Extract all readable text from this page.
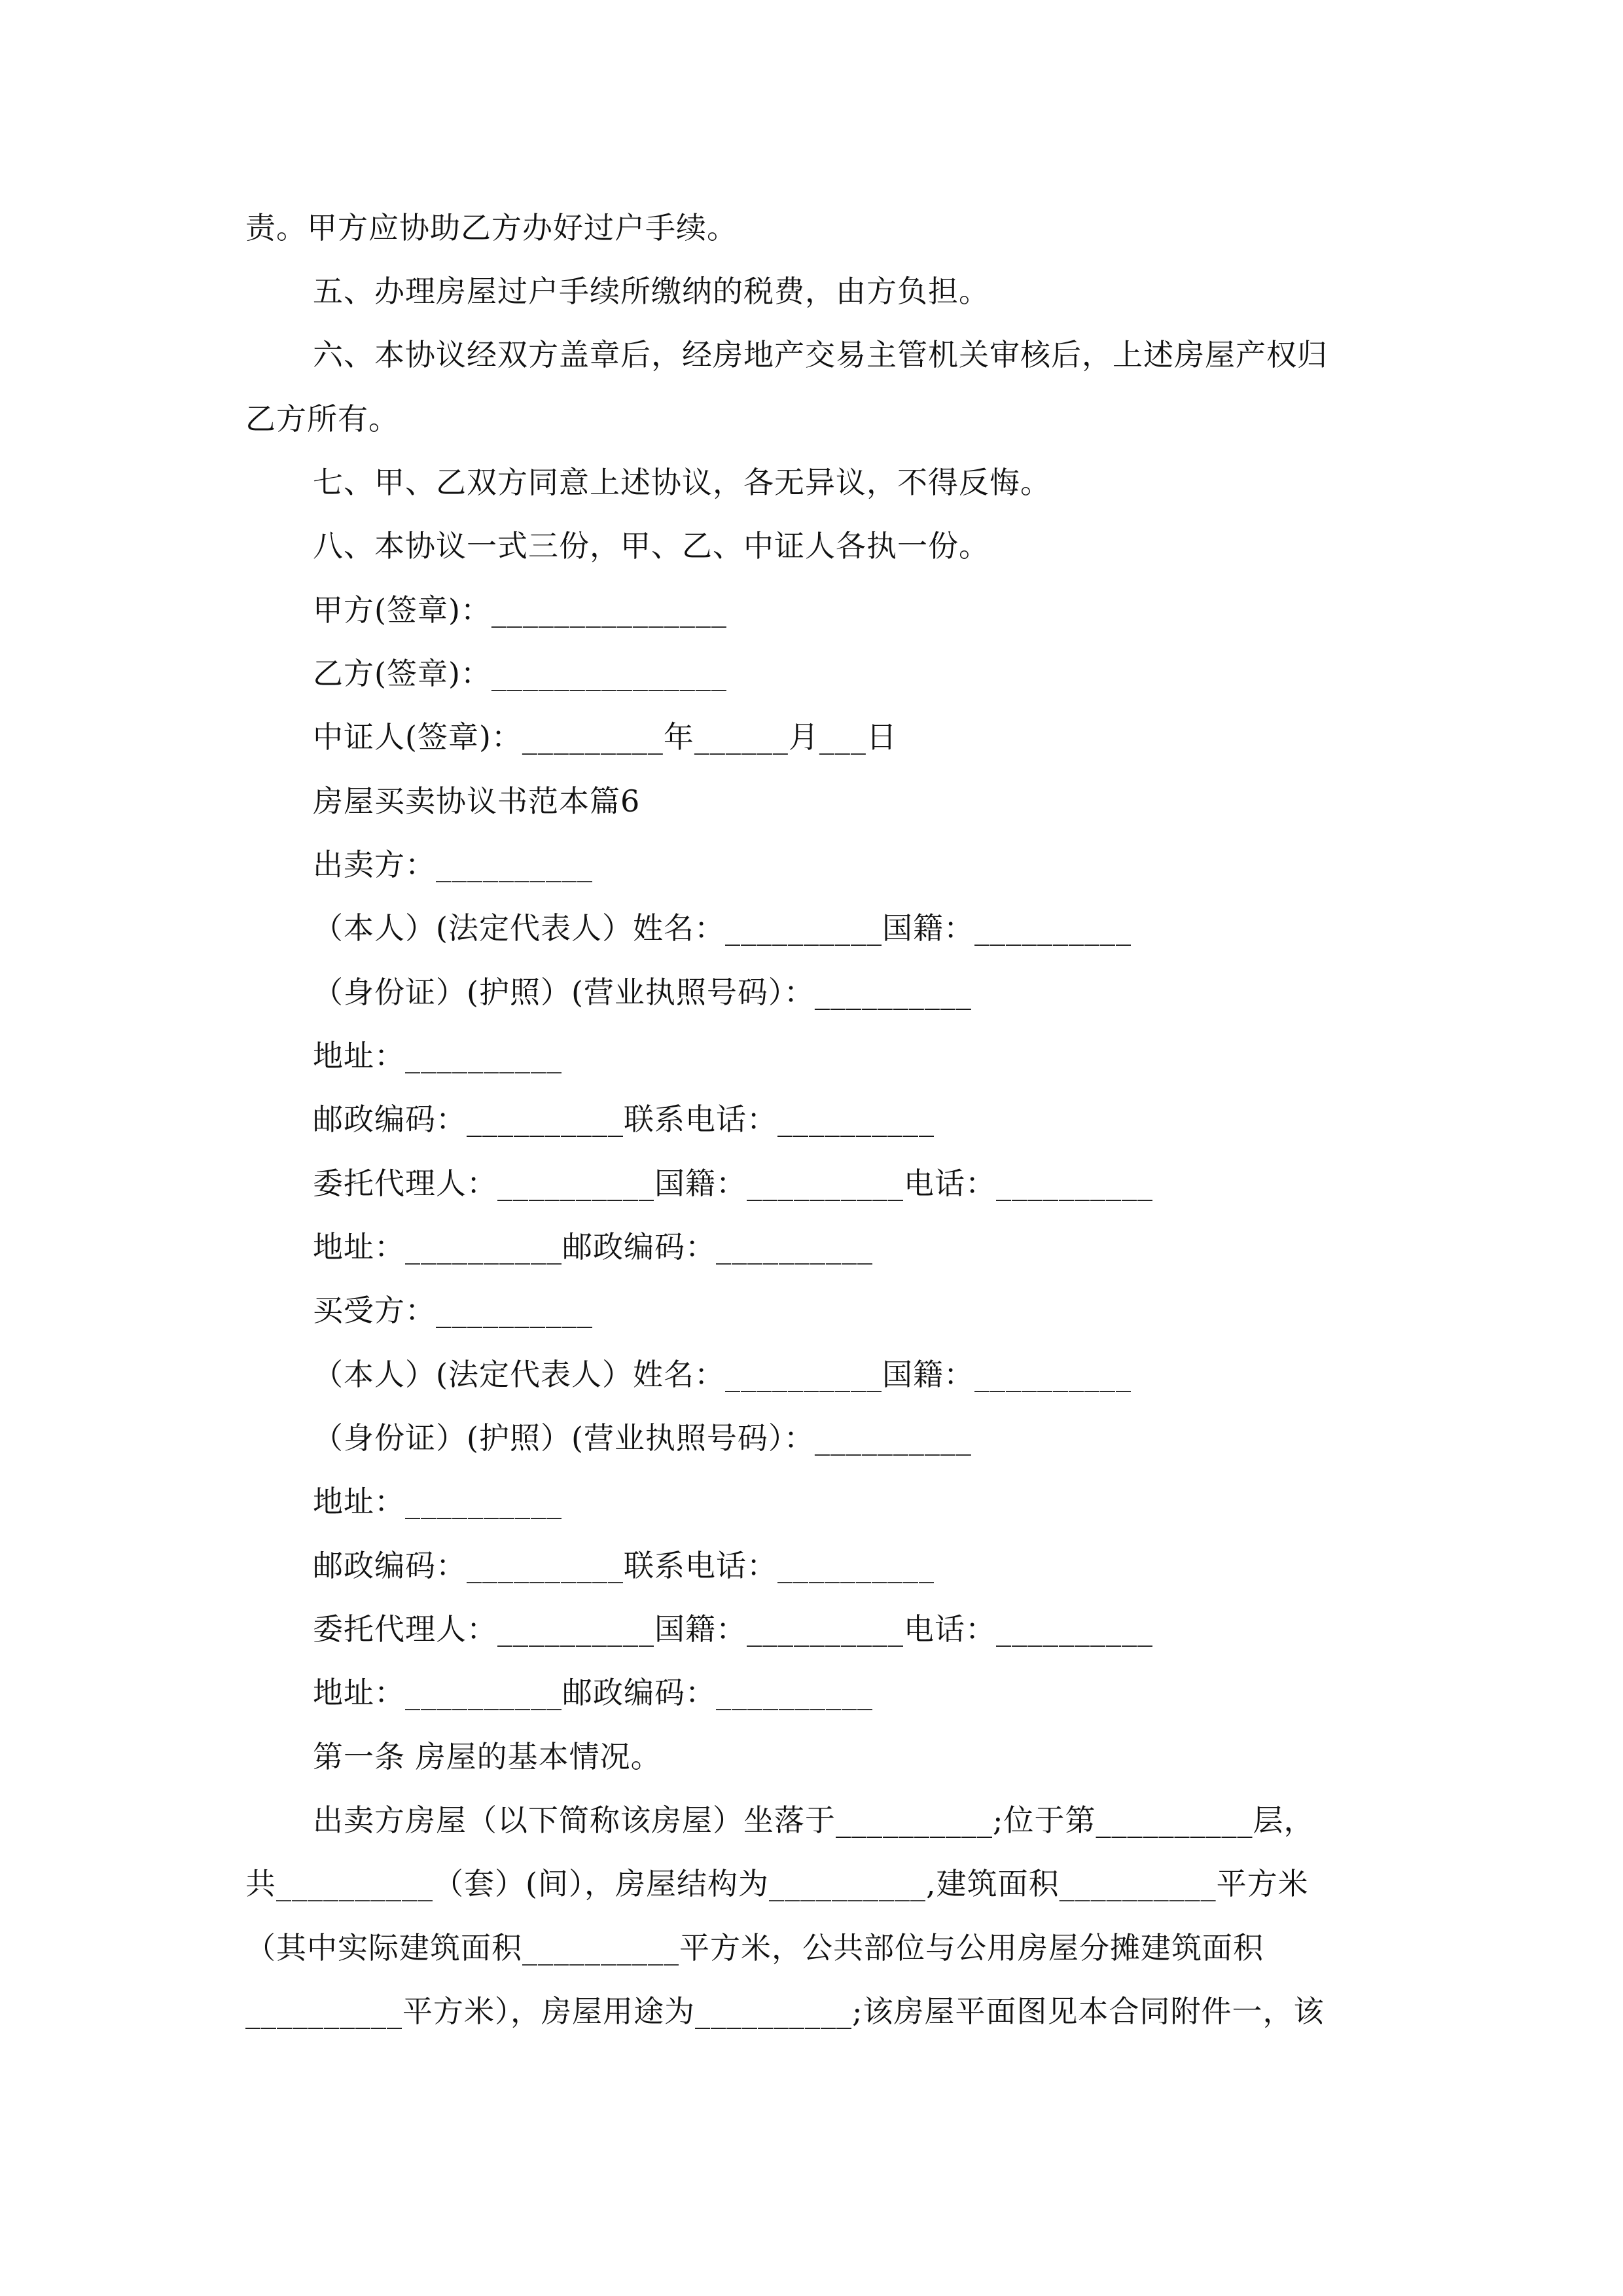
责。甲方应协助乙方办好过户手续。
五、办理房屋过户手续所缴纳的税费，由方负担。
六、本协议经双方盖章后，经房地产交易主管机关审核后，上述房屋产权归
乙方所有。
七、甲、乙双方同意上述协议，各无异议，不得反悔。
八、本协议一式三份，甲、乙、中证人各执一份。
甲方(签章)：_______________
乙方(签章)：_______________
中证人(签章)：_________年______月___日
房屋买卖协议书范本篇6
出卖方：__________
（本人）(法定代表人）姓名：__________国籍：__________
（身份证）(护照）(营业执照号码）：__________
地址：__________
邮政编码：__________联系电话：__________
委托代理人：__________国籍：__________电话：__________
地址：__________邮政编码：__________
买受方：__________
（本人）(法定代表人）姓名：__________国籍：__________
（身份证）(护照）(营业执照号码）：__________
地址：__________
邮政编码：__________联系电话：__________
委托代理人：__________国籍：__________电话：__________
地址：__________邮政编码：__________
第一条 房屋的基本情况。
出卖方房屋（以下简称该房屋）坐落于__________;位于第__________层，
共__________（套）(间），房屋结构为__________,建筑面积__________平方米
（其中实际建筑面积__________平方米，公共部位与公用房屋分摊建筑面积
__________平方米），房屋用途为__________;该房屋平面图见本合同附件一，该
